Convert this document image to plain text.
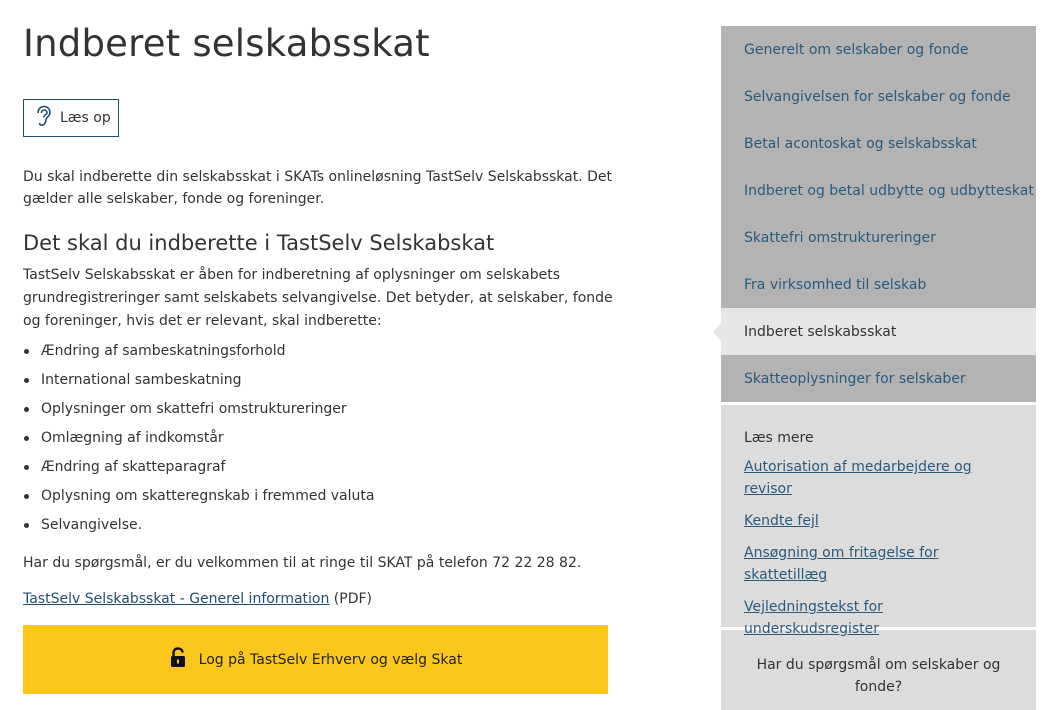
Indberet selskabsskat
Læs op

Du skal indberette din selskabsskat i SKATs onlineløsning TastSelv Selskabsskat. Det gælder alle selskaber, fonde og foreninger.

Det skal du indberette i TastSelv Selskabskat

TastSelv Selskabsskat er åben for indberetning af oplysninger om selskabets grundregistreringer samt selskabets selvangivelse. Det betyder, at selskaber, fonde og foreninger, hvis det er relevant, skal indberette:

Ændring af sambeskatningsforhold
International sambeskatning
Oplysninger om skattefri omstruktureringer
Omlægning af indkomstår
Ændring af skatteparagraf
Oplysning om skatteregnskab i fremmed valuta
Selvangivelse.

Har du spørgsmål, er du velkommen til at ringe til SKAT på telefon 72 22 28 82.

TastSelv Selskabsskat - Generel information (PDF)

Log på TastSelv Erhverv og vælg Skat
Generelt om selskaber og fonde
Selvangivelsen for selskaber og fonde
Betal acontoskat og selskabsskat
Indberet og betal udbytte og udbytteskat
Skattefri omstruktureringer
Fra virksomhed til selskab
Indberet selskabsskat
Skatteoplysninger for selskaber
Læs mere
Autorisation af medarbejdere og revisor
Kendte fejl
Ansøgning om fritagelse for skattetillæg
Vejledningstekst for underskudsregister
Har du spørgsmål om selskaber og fonde?
